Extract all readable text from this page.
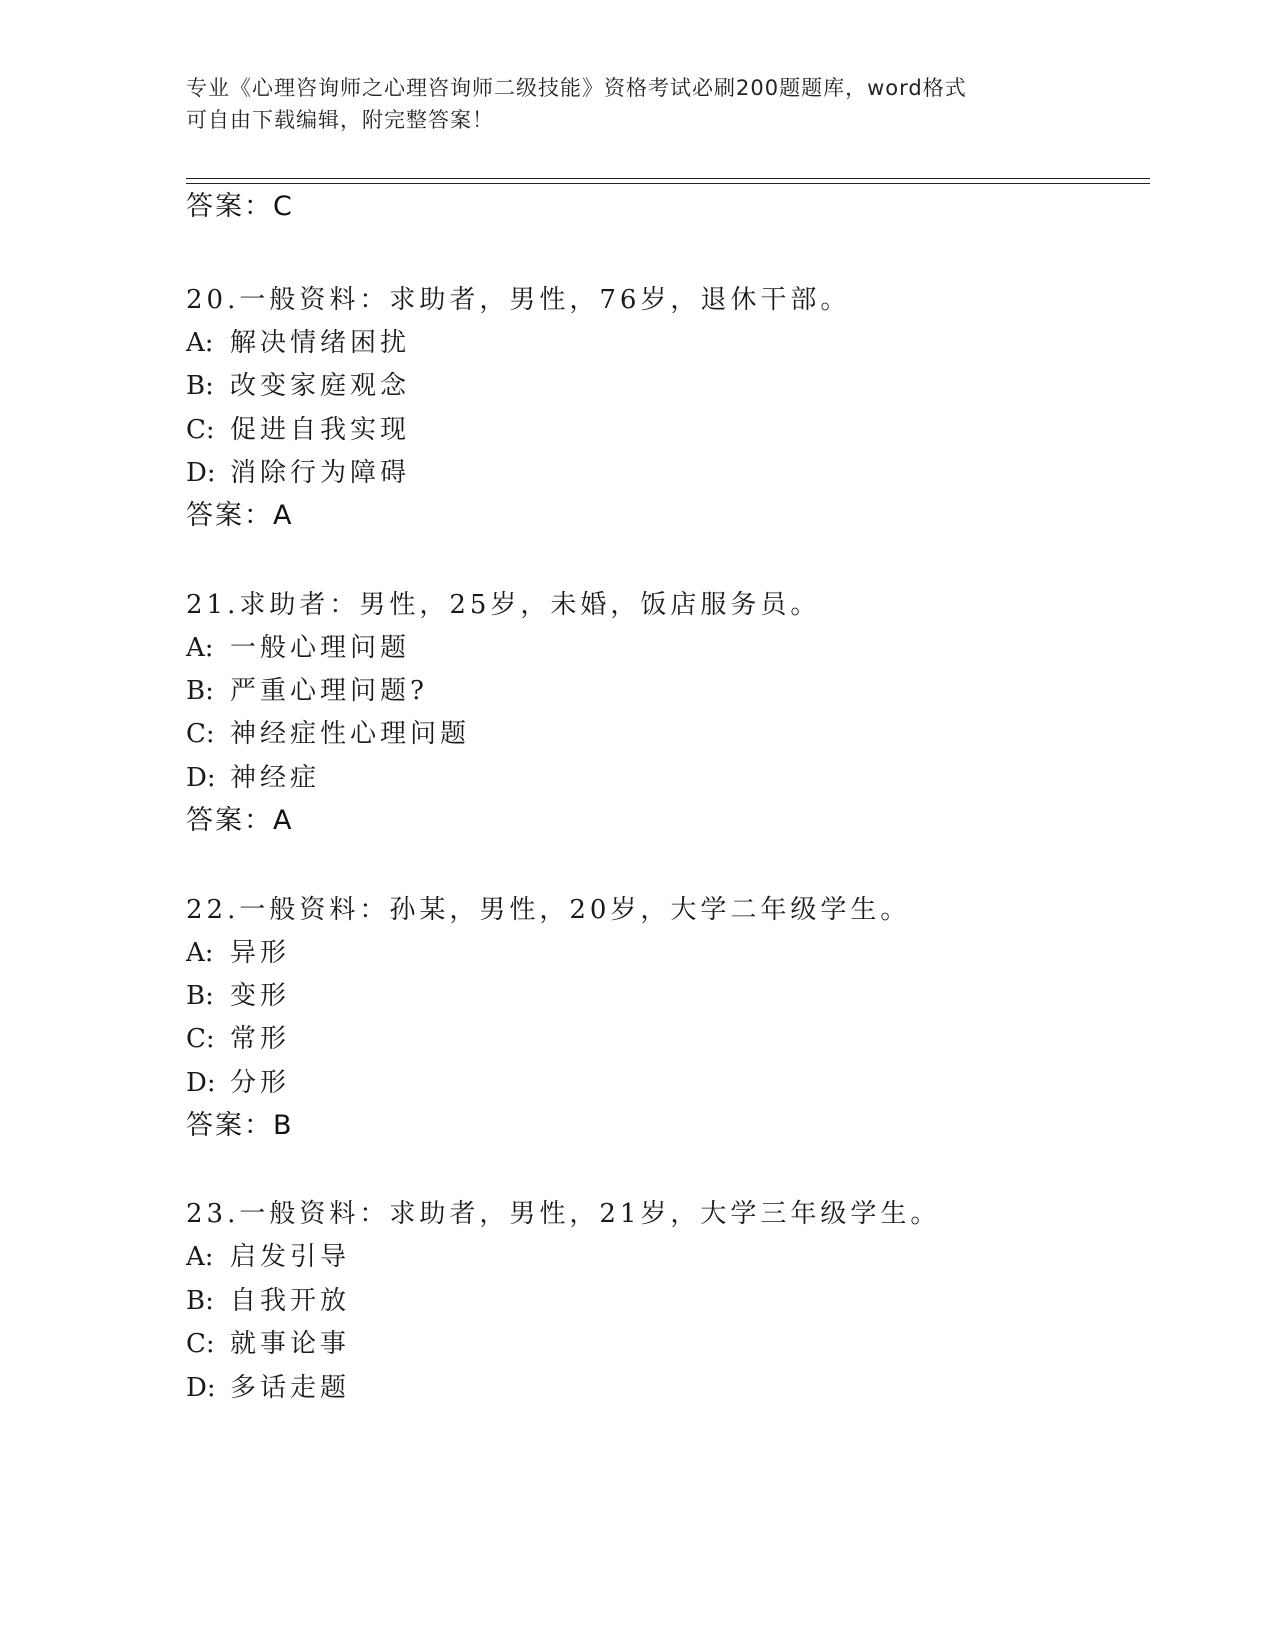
专业《心理咨询师之心理咨询师二级技能》资格考试必刷200题题库，word格式
可自由下载编辑，附完整答案！
答案：C
20.一般资料：求助者，男性，76岁，退休干部。
A: 解决情绪困扰
B: 改变家庭观念
C: 促进自我实现
D: 消除行为障碍
答案：A
21.求助者：男性，25岁，未婚，饭店服务员。
A: 一般心理问题
B: 严重心理问题?
C: 神经症性心理问题
D: 神经症
答案：A
22.一般资料：孙某，男性，20岁，大学二年级学生。
A: 异形
B: 变形
C: 常形
D: 分形
答案：B
23.一般资料：求助者，男性，21岁，大学三年级学生。
A: 启发引导
B: 自我开放
C: 就事论事
D: 多话走题
